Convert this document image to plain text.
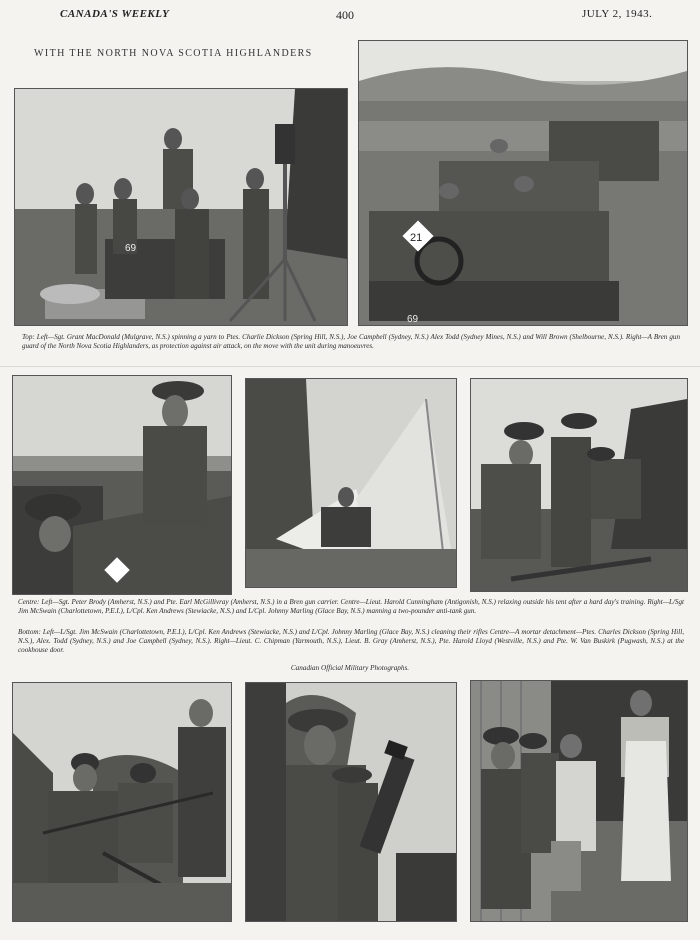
CANADA'S WEEKLY	400	JULY 2, 1943.
WITH THE NORTH NOVA SCOTIA HIGHLANDERS
69
21
69
Top: Left—Sgt. Grant MacDonald (Mulgrave, N.S.) spinning a yarn to Ptes. Charlie Dickson (Spring Hill, N.S.), Joe Campbell (Sydney, N.S.) Alex Todd (Sydney Mines, N.S.) and Will Brown (Shelbourne, N.S.). Right—A Bren gun guard of the North Nova Scotia Highlanders, as protection against air attack, on the move with the unit during manoeuvres.
Centre: Left—Sgt. Peter Brody (Amherst, N.S.) and Pte. Earl McGillivray (Amherst, N.S.) in a Bren gun carrier. Centre—Lieut. Harold Cunningham (Antigonish, N.S.) relaxing outside his tent after a hard day's training. Right—L/Sgt Jim McSwain (Charlottetown, P.E.I.), L/Cpl. Ken Andrews (Stewiacke, N.S.) and L/Cpl. Johnny Marling (Glace Bay, N.S.) manning a two-pounder anti-tank gun.
Bottom: Left—L/Sgt. Jim McSwain (Charlottetown, P.E.I.), L/Cpl. Ken Andrews (Stewiacke, N.S.) and L/Cpl. Johnny Marling (Glace Bay, N.S.) cleaning their rifles Centre—A mortar detachment—Ptes. Charles Dickson (Spring Hill, N.S.), Alex. Todd (Sydney, N.S.) and Joe Campbell (Sydney, N.S.). Right—Lieut. C. Chipman (Yarmouth, N.S.), Lieut. B. Gray (Amherst, N.S.), Pte. Harold Lloyd (Westville, N.S.) and Pte. W. Van Buskirk (Pugwash, N.S.) at the cookhouse door.
Canadian Official Military Photographs.
